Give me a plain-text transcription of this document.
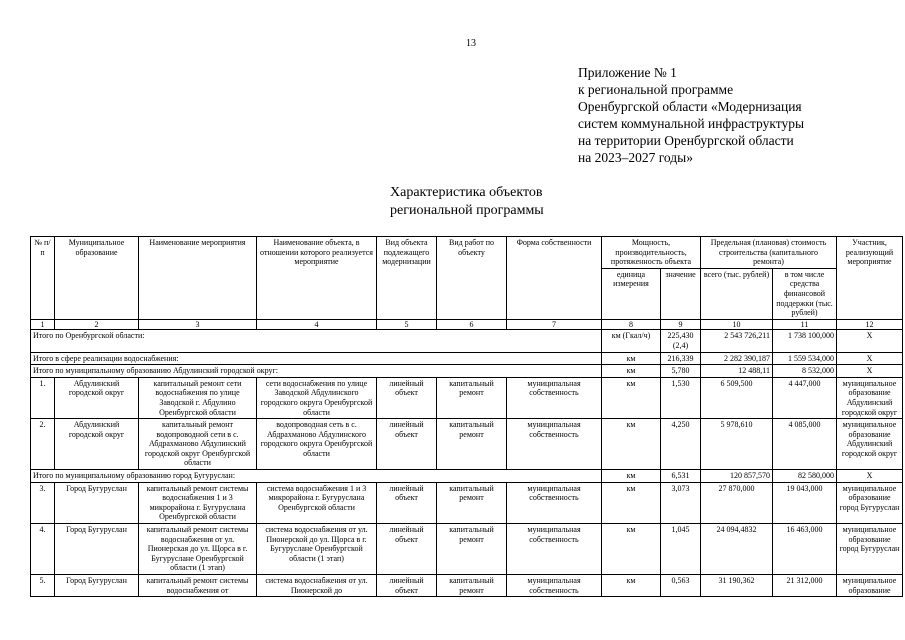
13
Приложение № 1
к региональной программе
Оренбургской области «Модернизация
систем коммунальной инфраструктуры
на территории Оренбургской области
на 2023–2027 годы»
Характеристика объектов
региональной программы
№ п/п	Муниципальное образование	Наименование мероприятия	Наименование объекта, в отношении которого реализуется мероприятие	Вид объекта подлежащего модернизации	Вид работ по объекту	Форма собственности	Мощность, производительность, протяженность объекта		Предельная (плановая) стоимость строительства (капитального ремонта)		Участник, реализующий мероприятие
							единица измерения	значение	всего (тыс. рублей)	в том числе средства финансовой поддержки (тыс. рублей)	
1	2	3	4	5	6	7	8	9	10	11	12
Итого по Оренбургской области:							км (Гкал/ч)	225,430 (2,4)	2 543 726,211	1 738 100,000	X
Итого в сфере реализации водоснабжения:							км	216,339	2 282 390,187	1 559 534,000	X
Итого по муниципальному образованию Абдулинский городской округ:							км	5,780	12 488,11	8 532,000	X
1.	Абдулинский городской округ	капитальный ремонт сети водоснабжения по улице Заводской г. Абдулино Оренбургской области	сети водоснабжения по улице Заводской Абдулинского городского округа Оренбургской области	линейный объект	капитальный ремонт	муниципальная собственность	км	1,530	6 509,500	4 447,000	муниципальное образование Абдулинский городской округ
2.	Абдулинский городской округ	капитальный ремонт водопроводной сети в с. Абдрахманово Абдулинский городской округ Оренбургской области	водопроводная сеть в с. Абдрахманово Абдулинского городского округа Оренбургской области	линейный объект	капитальный ремонт	муниципальная собственность	км	4,250	5 978,610	4 085,000	муниципальное образование Абдулинский городской округ
Итого по муниципальному образованию город Бугуруслан:							км	6,531	120 857,570	82 580,000	X
3.	Город Бугуруслан	капитальный ремонт системы водоснабжения 1 и 3 микрорайона г. Бугуруслана Оренбургской области	система водоснабжения 1 и 3 микрорайона г. Бугуруслана Оренбургской области	линейный объект	капитальный ремонт	муниципальная собственность	км	3,073	27 870,000	19 043,000	муниципальное образование город Бугуруслан
4.	Город Бугуруслан	капитальный ремонт системы водоснабжения от ул. Пионерская до ул. Щорса в г. Бугуруслане Оренбургской области (1 этап)	система водоснабжения от ул. Пионерской до ул. Щорса в г. Бугуруслане Оренбургской области (1 этап)	линейный объект	капитальный ремонт	муниципальная собственность	км	1,045	24 094,4832	16 463,000	муниципальное образование город Бугуруслан
5.	Город Бугуруслан	капитальный ремонт системы водоснабжения от	система водоснабжения от ул. Пионерской до	линейный объект	капитальный ремонт	муниципальная собственность	км	0,563	31 190,362	21 312,000	муниципальное образование
